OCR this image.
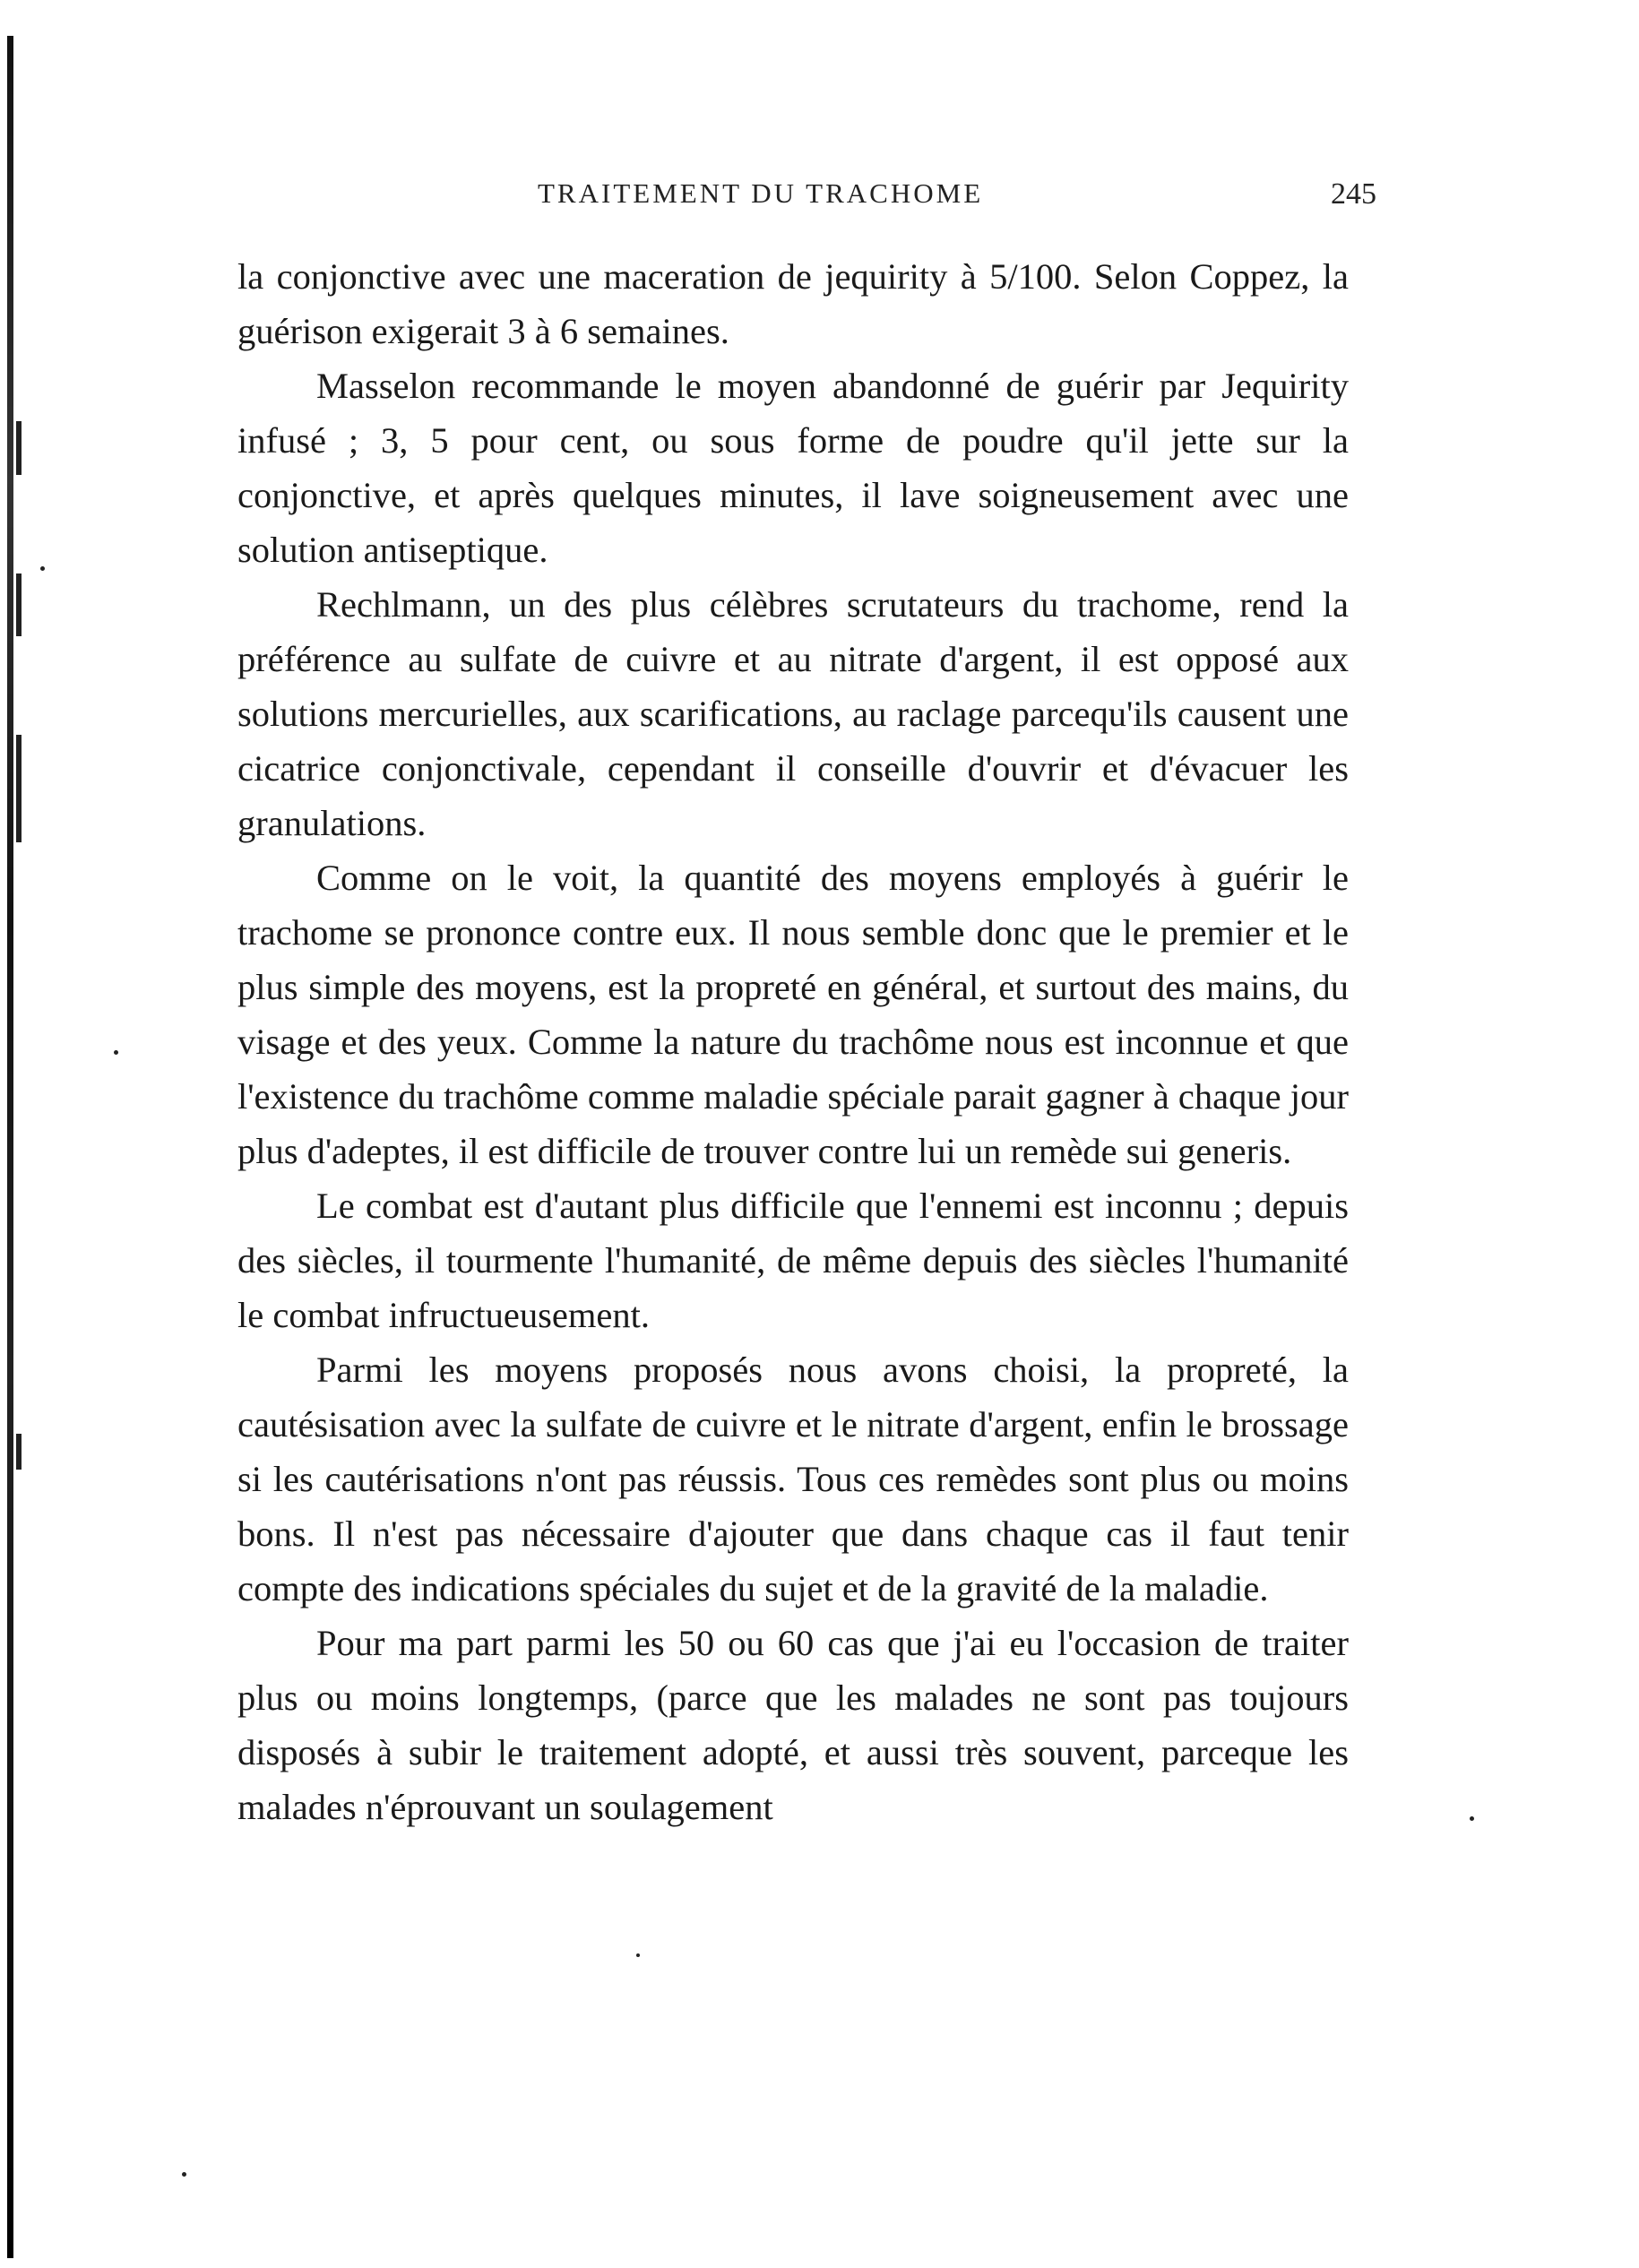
TRAITEMENT DU TRACHOME	245

la conjonctive avec une maceration de jequirity à 5/100. Selon Coppez, la guérison exigerait 3 à 6 semaines.

Masselon recommande le moyen abandonné de guérir par Jequirity infusé ; 3, 5 pour cent, ou sous forme de poudre qu'il jette sur la conjonctive, et après quelques minutes, il lave soigneusement avec une solution antiseptique.

Rechlmann, un des plus célèbres scrutateurs du trachome, rend la préférence au sulfate de cuivre et au nitrate d'argent, il est opposé aux solutions mercurielles, aux scarifications, au raclage parcequ'ils causent une cicatrice conjonctivale, cependant il conseille d'ouvrir et d'évacuer les granulations.

Comme on le voit, la quantité des moyens employés à guérir le trachome se prononce contre eux. Il nous semble donc que le premier et le plus simple des moyens, est la propreté en général, et surtout des mains, du visage et des yeux. Comme la nature du trachôme nous est inconnue et que l'existence du trachôme comme maladie spéciale parait gagner à chaque jour plus d'adeptes, il est difficile de trouver contre lui un remède sui generis.

Le combat est d'autant plus difficile que l'ennemi est inconnu ; depuis des siècles, il tourmente l'humanité, de même depuis des siècles l'humanité le combat infructueusement.

Parmi les moyens proposés nous avons choisi, la propreté, la cautésisation avec la sulfate de cuivre et le nitrate d'argent, enfin le brossage si les cautérisations n'ont pas réussis. Tous ces remèdes sont plus ou moins bons. Il n'est pas nécessaire d'ajouter que dans chaque cas il faut tenir compte des indications spéciales du sujet et de la gravité de la maladie.

Pour ma part parmi les 50 ou 60 cas que j'ai eu l'occasion de traiter plus ou moins longtemps, (parce que les malades ne sont pas toujours disposés à subir le traitement adopté, et aussi très souvent, parceque les malades n'éprouvant un soulagement
